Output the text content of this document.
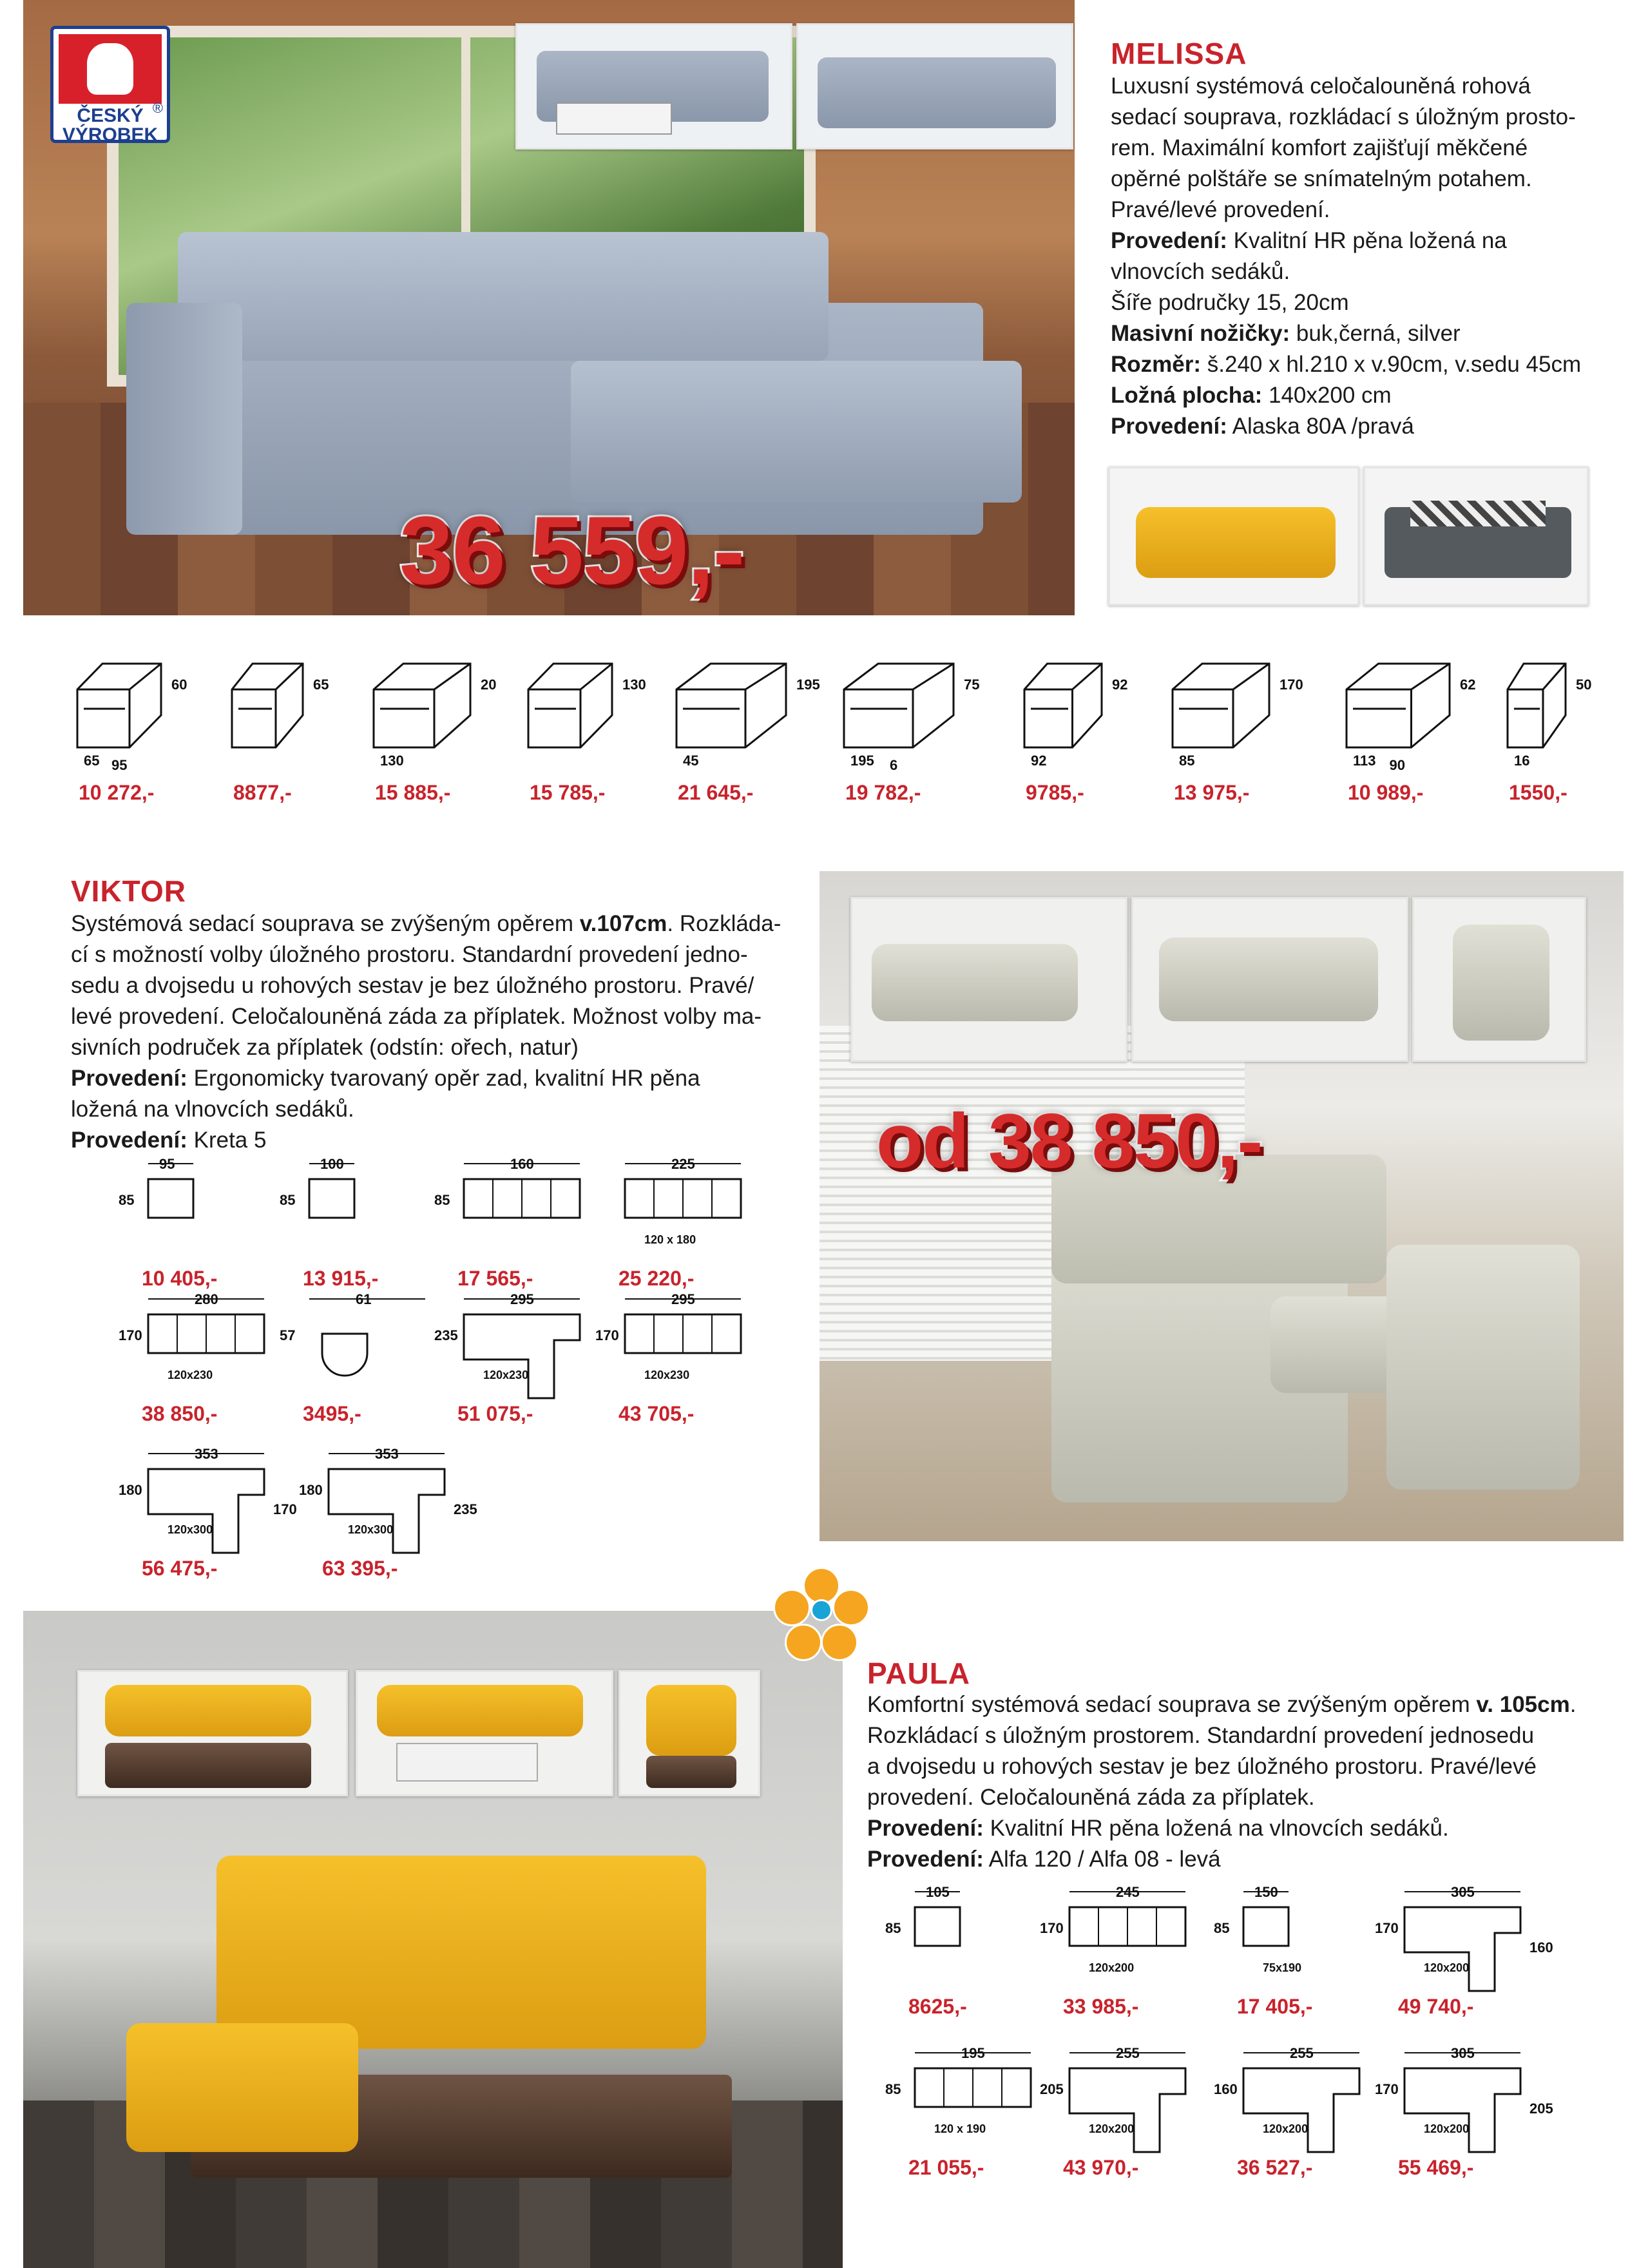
ČESKÝ
VÝROBEK
®
36 559,-
MELISSA
Luxusní systémová celočalouněná rohová
sedací souprava, rozkládací s úložným prosto-
rem. Maximální komfort zajišťují měkčené
opěrné polštáře se snímatelným potahem.
Pravé/levé provedení.
Provedení: Kvalitní HR pěna ložená na
vlnovcích sedáků.
Šíře područky 15, 20cm
Masivní nožičky: buk,černá, silver
Rozměr: š.240 x hl.210 x v.90cm, v.sedu 45cm
Ložná plocha: 140x200 cm
Provedení: Alaska 80A /pravá
60
65 95
10 272,-
65
8877,-
20
130
15 885,-
130
15 785,-
195
45
21 645,-
75
195 6
19 782,-
92
92
9785,-
170
85
13 975,-
62
113 90
10 989,-
50
16
1550,-
VIKTOR
Systémová sedací souprava se zvýšeným opěrem v.107cm. Rozkláda-
cí s možností volby úložného prostoru. Standardní provedení jedno-
sedu a dvojsedu u rohových sestav je bez úložného prostoru. Pravé/
levé provedení. Celočalouněná záda za příplatek. Možnost volby ma-
sivních područek za příplatek (odstín: ořech, natur)
Provedení: Ergonomicky tvarovaný opěr zad, kvalitní HR pěna
ložená na vlnovcích sedáků.
Provedení: Kreta 5
95
85
10 405,-
100
85
13 915,-
160
85
17 565,-
225
120 x 180
25 220,-
280
170
120x230
38 850,-
61
57
3495,-
295
235
120x230
51 075,-
295
170
120x230
43 705,-
353
180
170
120x300
56 475,-
353
180
235
120x300
63 395,-
od 38 850,-
PAULA
Komfortní systémová sedací souprava se zvýšeným opěrem v. 105cm.
Rozkládací s úložným prostorem. Standardní provedení jednosedu
a dvojsedu u rohových sestav je bez úložného prostoru. Pravé/levé
provedení. Celočalouněná záda za příplatek.
Provedení: Kvalitní HR pěna ložená na vlnovcích sedáků.
Provedení: Alfa 120 / Alfa 08 - levá
105
85
8625,-
245
170
120x200
33 985,-
150
85
75x190
17 405,-
305
170
160
120x200
49 740,-
195
85
120 x 190
21 055,-
255
205
120x200
43 970,-
255
160
120x200
36 527,-
305
170
205
120x200
55 469,-
